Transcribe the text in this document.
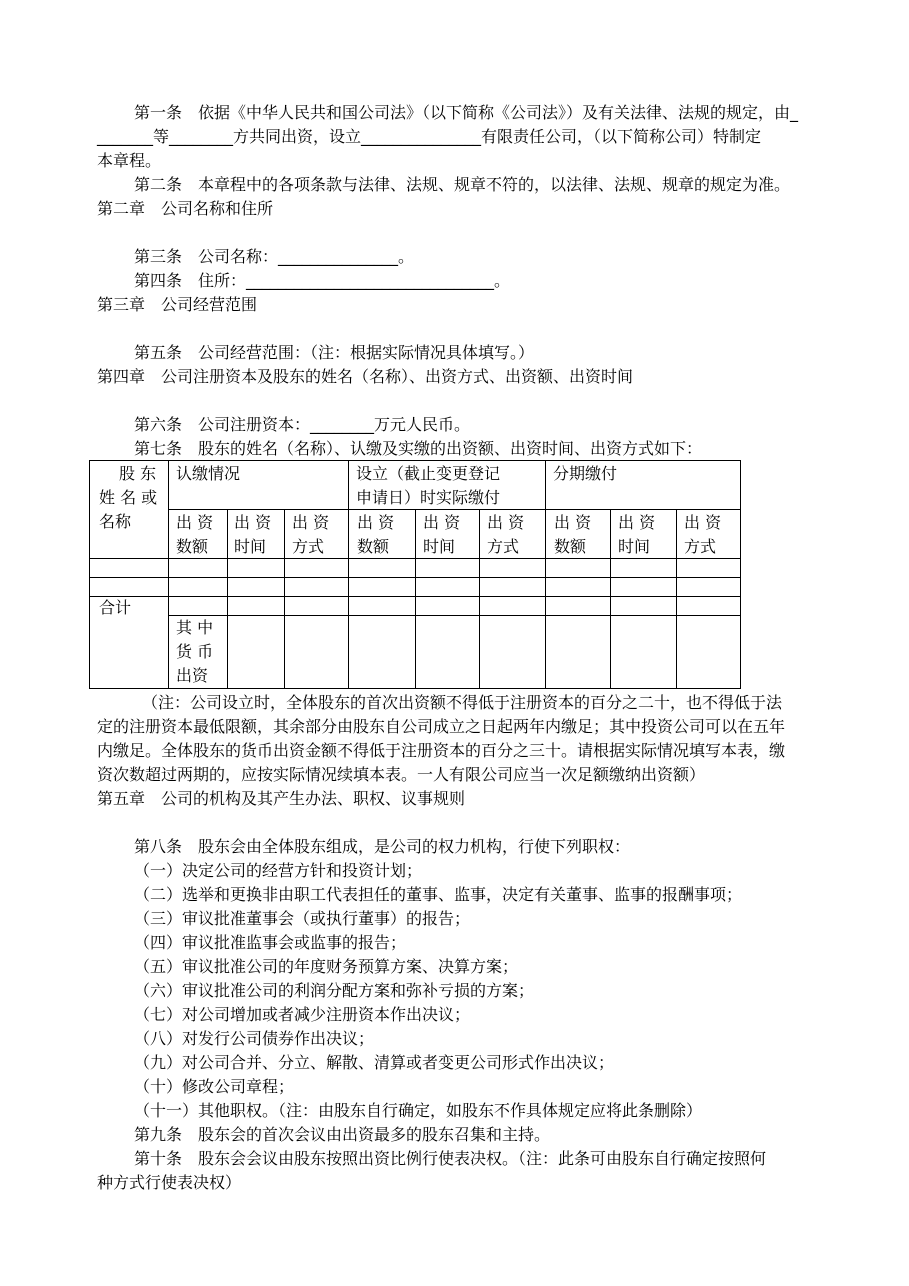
第一条　依据《中华人民共和国公司法》（以下简称《公司法》）及有关法律、法规的规定，由_
_______等________方共同出资，设立_______________有限责任公司，（以下简称公司）特制定
本章程。
第二条　本章程中的各项条款与法律、法规、规章不符的，以法律、法规、规章的规定为准。
第二章　公司名称和住所
第三条　公司名称：_______________。
第四条　住所：_______________________________。
第三章　公司经营范围
第五条　公司经营范围：（注：根据实际情况具体填写。）
第四章　公司注册资本及股东的姓名（名称）、出资方式、出资额、出资时间
第六条　公司注册资本：________万元人民币。
第七条　股东的姓名（名称）、认缴及实缴的出资额、出资时间、出资方式如下：
股 东
姓 名 或
名称
认缴情况	设立（截止变更登记
申请日）时实际缴付
分期缴付
出 资
数额
出 资
时间
出 资
方式
出 资
数额
出 资
时间
出 资
方式
出 资
数额
出 资
时间
出 资
方式
合计
其 中
货 币
出资
（注：公司设立时，全体股东的首次出资额不得低于注册资本的百分之二十，也不得低于法
定的注册资本最低限额，其余部分由股东自公司成立之日起两年内缴足；其中投资公司可以在五年
内缴足。全体股东的货币出资金额不得低于注册资本的百分之三十。请根据实际情况填写本表，缴
资次数超过两期的，应按实际情况续填本表。一人有限公司应当一次足额缴纳出资额）
第五章　公司的机构及其产生办法、职权、议事规则
第八条　股东会由全体股东组成，是公司的权力机构，行使下列职权：
（一）决定公司的经营方针和投资计划；
（二）选举和更换非由职工代表担任的董事、监事，决定有关董事、监事的报酬事项；
（三）审议批准董事会（或执行董事）的报告；
（四）审议批准监事会或监事的报告；
（五）审议批准公司的年度财务预算方案、决算方案；
（六）审议批准公司的利润分配方案和弥补亏损的方案；
（七）对公司增加或者减少注册资本作出决议；
（八）对发行公司债券作出决议；
（九）对公司合并、分立、解散、清算或者变更公司形式作出决议；
（十）修改公司章程；
（十一）其他职权。（注：由股东自行确定，如股东不作具体规定应将此条删除）
第九条　股东会的首次会议由出资最多的股东召集和主持。
第十条　股东会会议由股东按照出资比例行使表决权。（注：此条可由股东自行确定按照何
种方式行使表决权）
